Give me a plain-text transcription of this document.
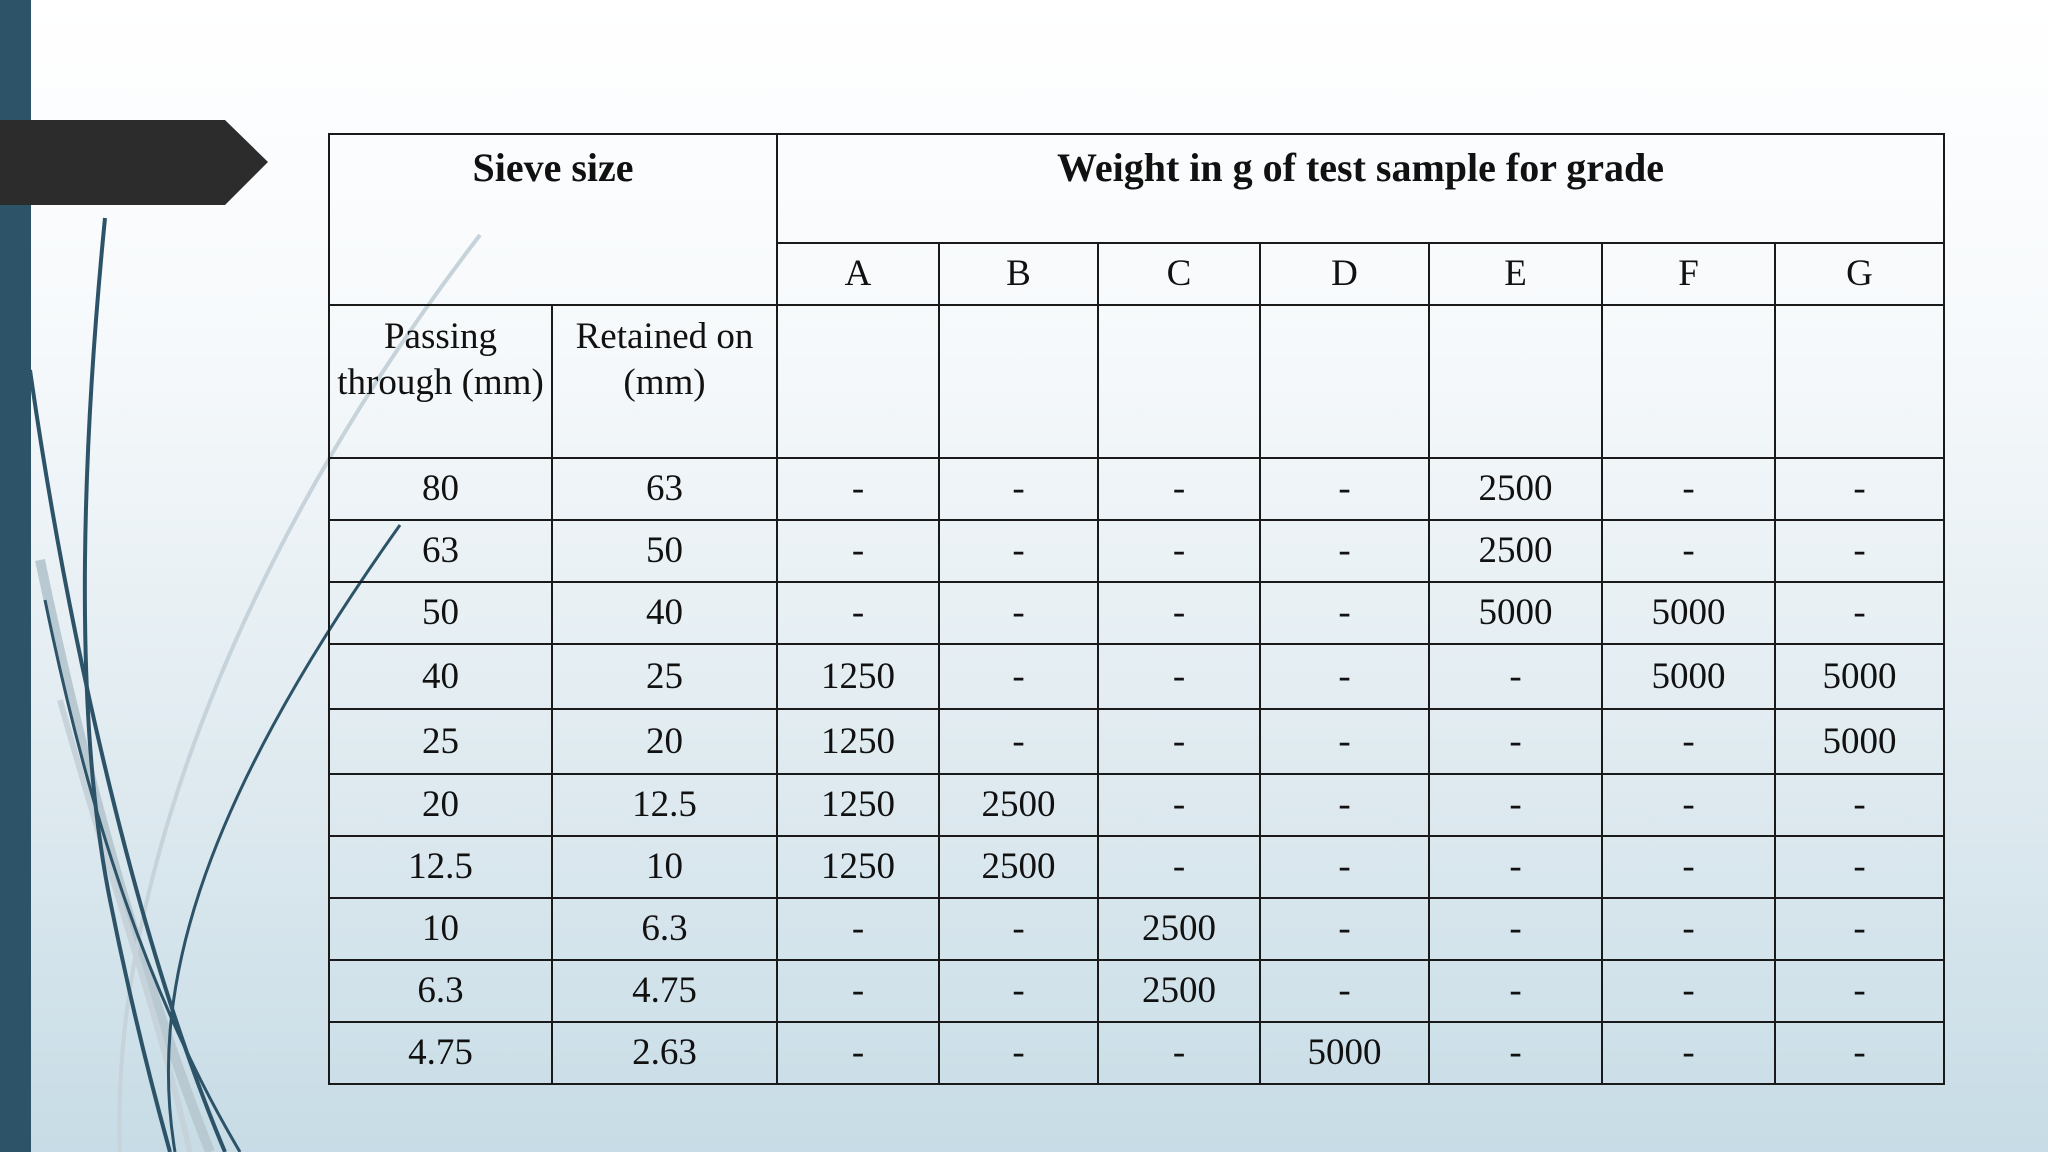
Sieve size		Weight in g of test sample for grade						
		A	B	C	D	E	F	G
Passing through (mm)	Retained on (mm)							
80	63	-	-	-	-	2500	-	-
63	50	-	-	-	-	2500	-	-
50	40	-	-	-	-	5000	5000	-
40	25	1250	-	-	-	-	5000	5000
25	20	1250	-	-	-	-	-	5000
20	12.5	1250	2500	-	-	-	-	-
12.5	10	1250	2500	-	-	-	-	-
10	6.3	-	-	2500	-	-	-	-
6.3	4.75	-	-	2500	-	-	-	-
4.75	2.63	-	-	-	5000	-	-	-
